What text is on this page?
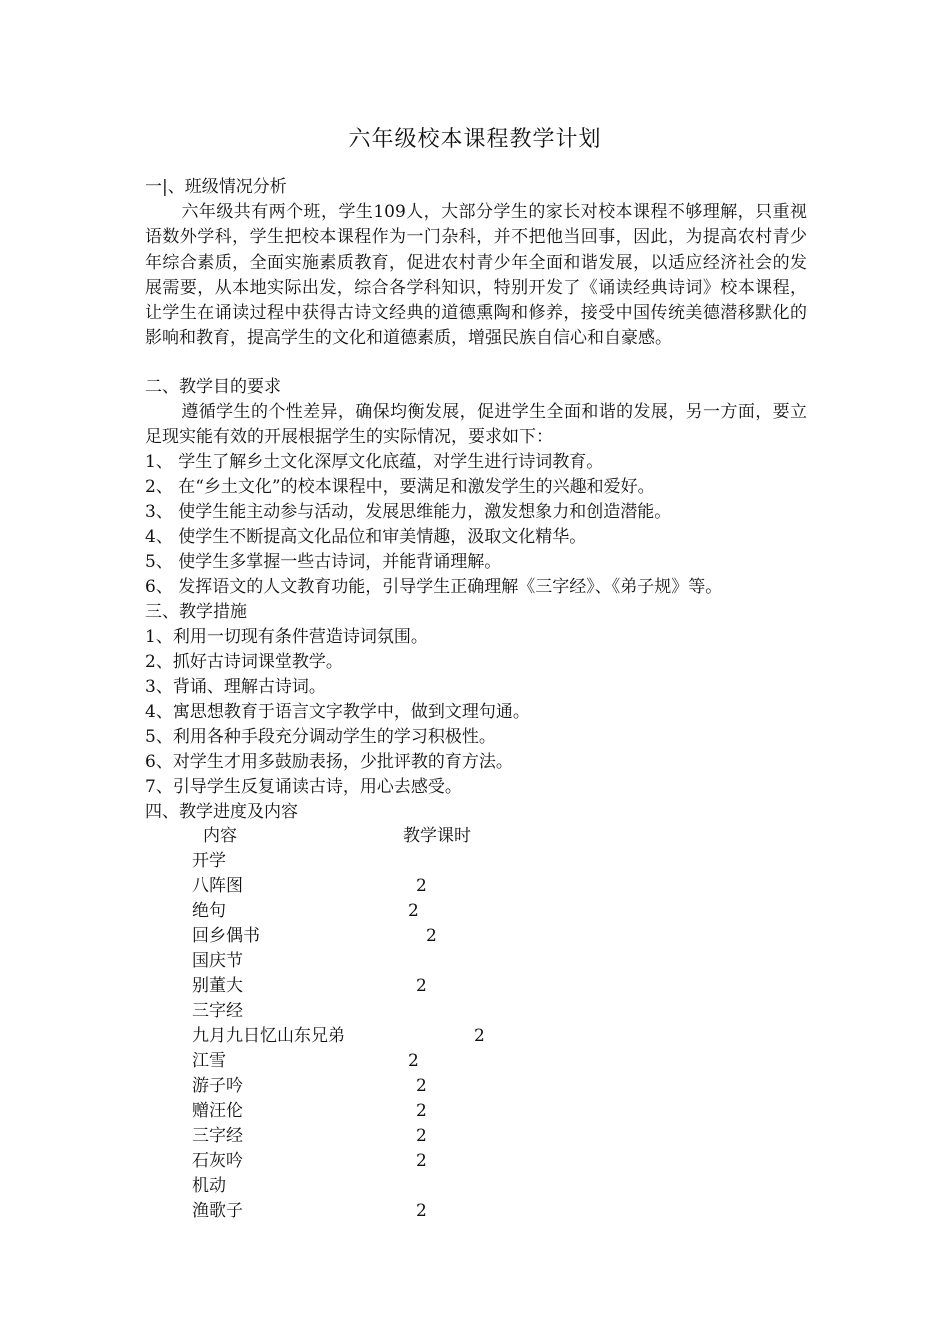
六年级校本课程教学计划
一|、班级情况分析
六年级共有两个班，学生109人，大部分学生的家长对校本课程不够理解，只重视语数外学科，学生把校本课程作为一门杂科，并不把他当回事，因此，为提高农村青少年综合素质，全面实施素质教育，促进农村青少年全面和谐发展，以适应经济社会的发展需要，从本地实际出发，综合各学科知识，特别开发了《诵读经典诗词》校本课程，让学生在诵读过程中获得古诗文经典的道德熏陶和修养，接受中国传统美德潜移默化的影响和教育，提高学生的文化和道德素质，增强民族自信心和自豪感。
二、教学目的要求
遵循学生的个性差异，确保均衡发展，促进学生全面和谐的发展，另一方面，要立足现实能有效的开展根据学生的实际情况，要求如下：
1、 学生了解乡土文化深厚文化底蕴，对学生进行诗词教育。
2、 在“乡土文化”的校本课程中，要满足和激发学生的兴趣和爱好。
3、 使学生能主动参与活动，发展思维能力，激发想象力和创造潜能。
4、 使学生不断提高文化品位和审美情趣，汲取文化精华。
5、 使学生多掌握一些古诗词，并能背诵理解。
6、 发挥语文的人文教育功能，引导学生正确理解《三字经》、《弟子规》等。
三、教学措施
1、利用一切现有条件营造诗词氛围。
2、抓好古诗词课堂教学。
3、背诵、理解古诗词。
4、寓思想教育于语言文字教学中，做到文理句通。
5、利用各种手段充分调动学生的学习积极性。
6、对学生才用多鼓励表扬，少批评教的育方法。
7、引导学生反复诵读古诗，用心去感受。
四、教学进度及内容
内容	教学课时
开学
八阵图	2
绝句	2
回乡偶书	2
国庆节
别董大	2
三字经
九月九日忆山东兄弟	2
江雪	2
游子吟	2
赠汪伦	2
三字经	2
石灰吟	2
机动
渔歌子	2
